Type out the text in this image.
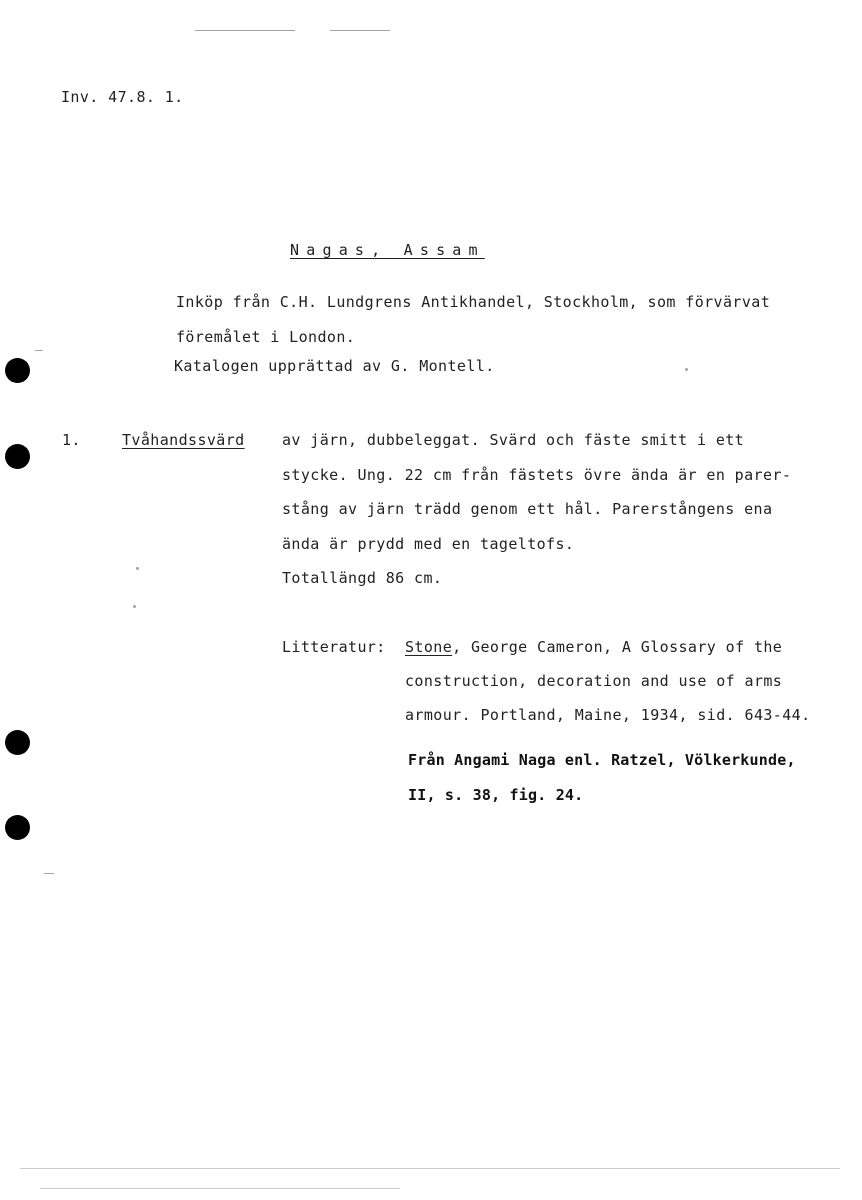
Inv. 47.8. 1.
Nagas, Assam
Inköp från C.H. Lundgrens Antikhandel, Stockholm, som förvärvat
föremålet i London.
Katalogen upprättad av G. Montell.
1.	Tvåhandssvärd av järn, dubbeleggat. Svärd och fäste smitt i ett
stycke. Ung. 22 cm från fästets övre ända är en parer-
stång av järn trädd genom ett hål. Parerstångens ena
ända är prydd med en tageltofs.
Totallängd 86 cm.
Litteratur: Stone, George Cameron, A Glossary of the
construction, decoration and use of arms
armour. Portland, Maine, 1934, sid. 643-44.
Från Angami Naga enl. Ratzel, Völkerkunde,
II, s. 38, fig. 24.
